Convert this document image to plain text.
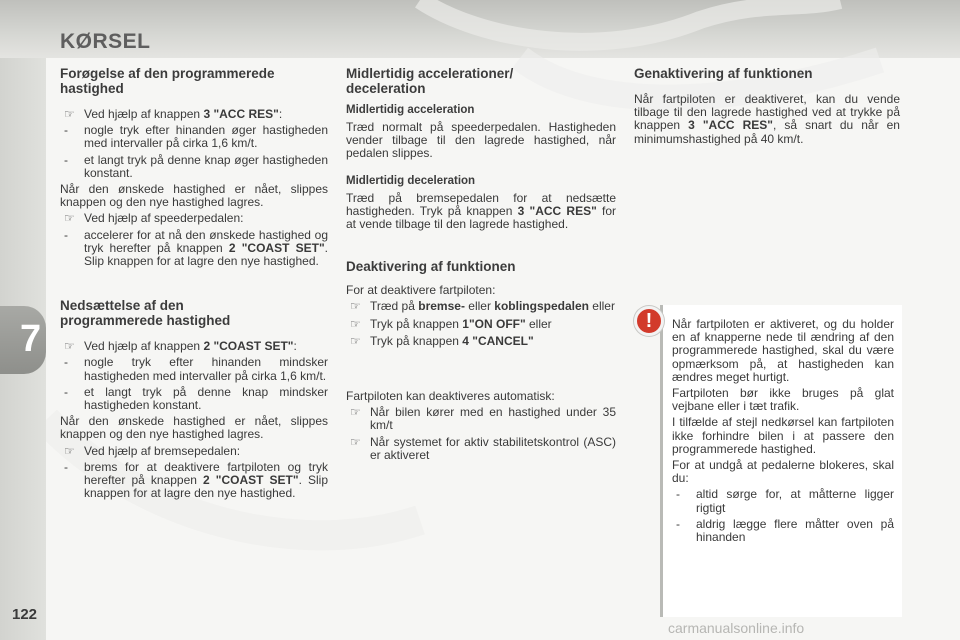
KØRSEL
7
122
Forøgelse af den programmerede hastighed
☞ Ved hjælp af knappen 3 "ACC RES":
- nogle tryk efter hinanden øger hastigheden med intervaller på cirka 1,6 km/t.
- et langt tryk på denne knap øger hastigheden konstant.

Når den ønskede hastighed er nået, slippes knappen og den nye hastighed lagres.

☞ Ved hjælp af speederpedalen:
- accelerer for at nå den ønskede hastighed og tryk herefter på knappen 2 "COAST SET". Slip knappen for at lagre den nye hastighed.
Nedsættelse af den programmerede hastighed
☞ Ved hjælp af knappen 2 "COAST SET":
- nogle tryk efter hinanden mindsker hastigheden med intervaller på cirka 1,6 km/t.
- et langt tryk på denne knap mindsker hastigheden konstant.

Når den ønskede hastighed er nået, slippes knappen og den nye hastighed lagres.

☞ Ved hjælp af bremsepedalen:
- brems for at deaktivere fartpiloten og tryk herefter på knappen 2 "COAST SET". Slip knappen for at lagre den nye hastighed.
Midlertidig accelerationer/ deceleration
Midlertidig acceleration

Træd normalt på speederpedalen. Hastigheden vender tilbage til den lagrede hastighed, når pedalen slippes.

Midlertidig deceleration

Træd på bremsepedalen for at nedsætte hastigheden. Tryk på knappen 3 "ACC RES" for at vende tilbage til den lagrede hastighed.

Deaktivering af funktionen

For at deaktivere fartpiloten:

☞ Træd på bremse- eller koblingspedalen eller
☞ Tryk på knappen 1"ON OFF" eller
☞ Tryk på knappen 4 "CANCEL"

Fartpiloten kan deaktiveres automatisk:

☞ Når bilen kører med en hastighed under 35 km/t
☞ Når systemet for aktiv stabilitetskontrol (ASC) er aktiveret
Genaktivering af funktionen

Når fartpiloten er deaktiveret, kan du vende tilbage til den lagrede hastighed ved at trykke på knappen 3 "ACC RES", så snart du når en minimumshastighed på 40 km/t.

!	Når fartpiloten er aktiveret, og du holder en af knapperne nede til ændring af den programmerede hastighed, skal du være opmærksom på, at hastigheden kan ændres meget hurtigt.

Fartpiloten bør ikke bruges på glat vejbane eller i tæt trafik.

I tilfælde af stejl nedkørsel kan fartpiloten ikke forhindre bilen i at passere den programmerede hastighed.

For at undgå at pedalerne blokeres, skal du:

- altid sørge for, at måtterne ligger rigtigt
- aldrig lægge flere måtter oven på hinanden
carmanualsonline.info
